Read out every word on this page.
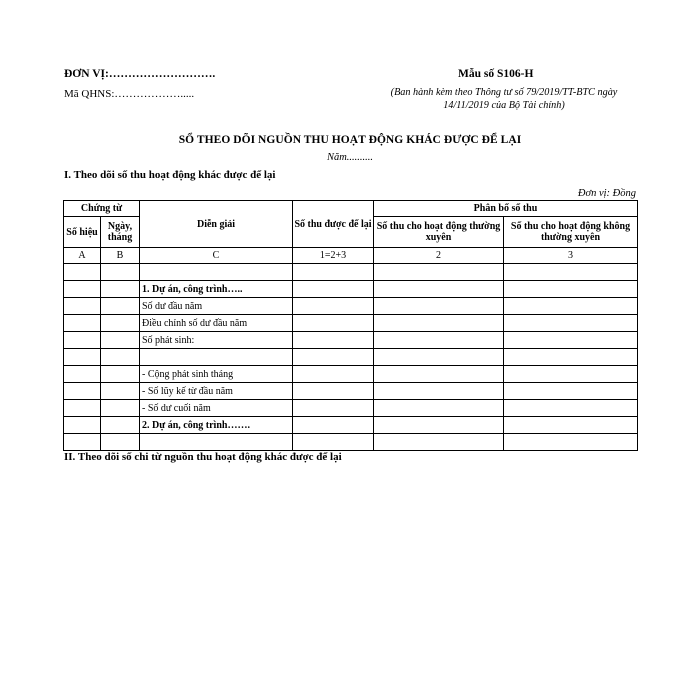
ĐƠN VỊ:……………………….
Mã QHNS:……………….....
Mẫu số S106-H
(Ban hành kèm theo Thông tư số 79/2019/TT-BTC ngày
14/11/2019 của Bộ Tài chính)
SỔ THEO DÕI NGUỒN THU HOẠT ĐỘNG KHÁC ĐƯỢC ĐỂ LẠI
Năm..........
I. Theo dõi số thu hoạt động khác được để lại
Đơn vị: Đồng
Chứng từ		Diễn giải	Số thu được để lại	Phân bổ số thu	
Số hiệu	Ngày, tháng			Số thu cho hoạt động thường xuyên	Số thu cho hoạt động không thường xuyên
A	B	C	1=2+3	2	3

		1. Dự án, công trình…..			
		Số dư đầu năm			
		Điều chỉnh số dư đầu năm			
		Số phát sinh:			

		- Cộng phát sinh tháng			
		- Số lũy kế từ đầu năm			
		- Số dư cuối năm			
		2. Dự án, công trình…….			

II. Theo dõi số chi từ nguồn thu hoạt động khác được để lại
